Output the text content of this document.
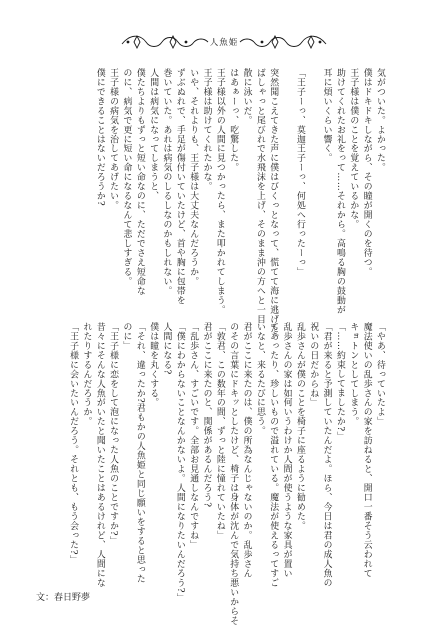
人魚姫
気がついた。よかった。
僕はドキドキしながら、その瞳が開くのを待つ。
王子様は僕のことを覚えているかな。
助けてくれたお礼をって……それから。高鳴る胸の鼓動が
耳に煩いくらい響く。

「王子ーっ、莫迦王子ーっ、何処へ行ったーっ」

突然聞こえてきた声に僕はびくっとなって、慌てて海に逃げた。
ばしゃっと尾びれで水飛沫を上げ、そのまま沖の方へと一目
散に泳いだ。
はあぁーっ、吃驚した。
王子様以外の人間に見つかったら、また叩かれてしまう。
王子様は助けてくれたかな。
いや、それよりも、王子様は大丈夫なんだろうか。
ずぶぬれで、手足が傷付いていたけど、首や胸に包帯を
巻いていた。あれは病気のしるしなのかもしれない。
人間は病気になってしまうと、
僕たちよりもずっと短い命なのに、ただでさえ短命な
のに、病気で更に短い命になるなんて悲しすぎる。
王子様の病気を治してあげたい。
僕にできることはないだろうか?
「やあ、待っていたよ」
魔法使いの乱歩さんの家を訪ねると、開口一番そう云われて
キョトンとしてしまう。
「……約束してましたか?」
「君が来ると予測していたんだよ。ほら、今日は君の成人魚の
祝いの日だからね」
乱歩さんが僕のことを椅子に座るように勧めた。
乱歩さんの家は如何いうわけか人間が使うような家具が置い
てあったり、珍しいもので溢れている。魔法が使えるってすご
いなと、来るたびに思う。
君がここに来たのは、僕の所為なんじゃないのか。乱歩さん
のその言葉にドキッとしたけど、椅子は身体が沈んで気持ち悪いからそ
「敦君、この数年の間、ずっと陸に憧れていたね」
君がここに来たのと、関係があるんだろう?
「乱歩さん、すごいです。全部お見通しなんですね」
「僕にわからないことなんかないよ。人間になりたいんだろう?」
人間になる?
僕は瞳を丸くする。
「それ、違ったか?君もかの人魚姫と同じ願いをすると思った
のに」
「王子様に恋をして泡になった人魚のことですか?」
昔々にそんな人魚がいたと聞いたことはあるけれど、人間にな
れたりするんだろうか。
「王子様に会いたいんだろう。それとも、もう会った?」
文：春日野夢
